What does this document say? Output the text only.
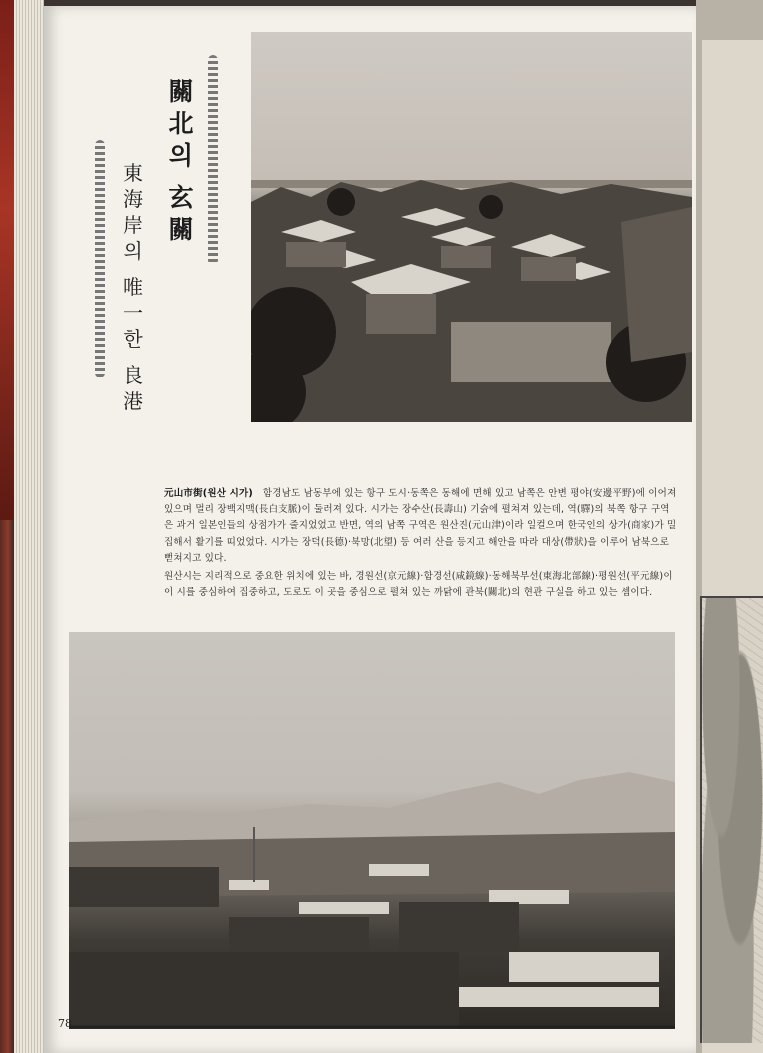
關北의
玄關
東海岸의
唯一한
良港

元山市街(원산 시가) 함경남도 남동부에 있는 항구 도시·동쪽은 동해에 면해 있고 남쪽은 안변 평야(安邊平野)에 이어져 있으며 멀리 장백지맥(長白支脈)이 둘러져 있다. 시가는 장수산(長壽山) 기슭에 펼쳐져 있는데, 역(驛)의 북쪽 항구 구역은 과거 일본인들의 상점가가 줄지었었고 반면, 역의 남쪽 구역은 원산진(元山津)이라 일컬으며 한국인의 상가(商家)가 밀집해서 활기를 띠었었다. 시가는 장덕(長德)·북망(北望) 등 여러 산을 등지고 해안을 따라 대상(帶狀)을 이루어 남북으로 뻗쳐지고 있다.

원산시는 지리적으로 중요한 위치에 있는 바, 경원선(京元線)·함경선(咸鏡線)·동해북부선(東海北部線)·평원선(平元線)이 이 시를 중심하여 집중하고, 도로도 이 곳을 중심으로 펼쳐 있는 까닭에 관북(關北)의 현관 구실을 하고 있는 셈이다.

78
